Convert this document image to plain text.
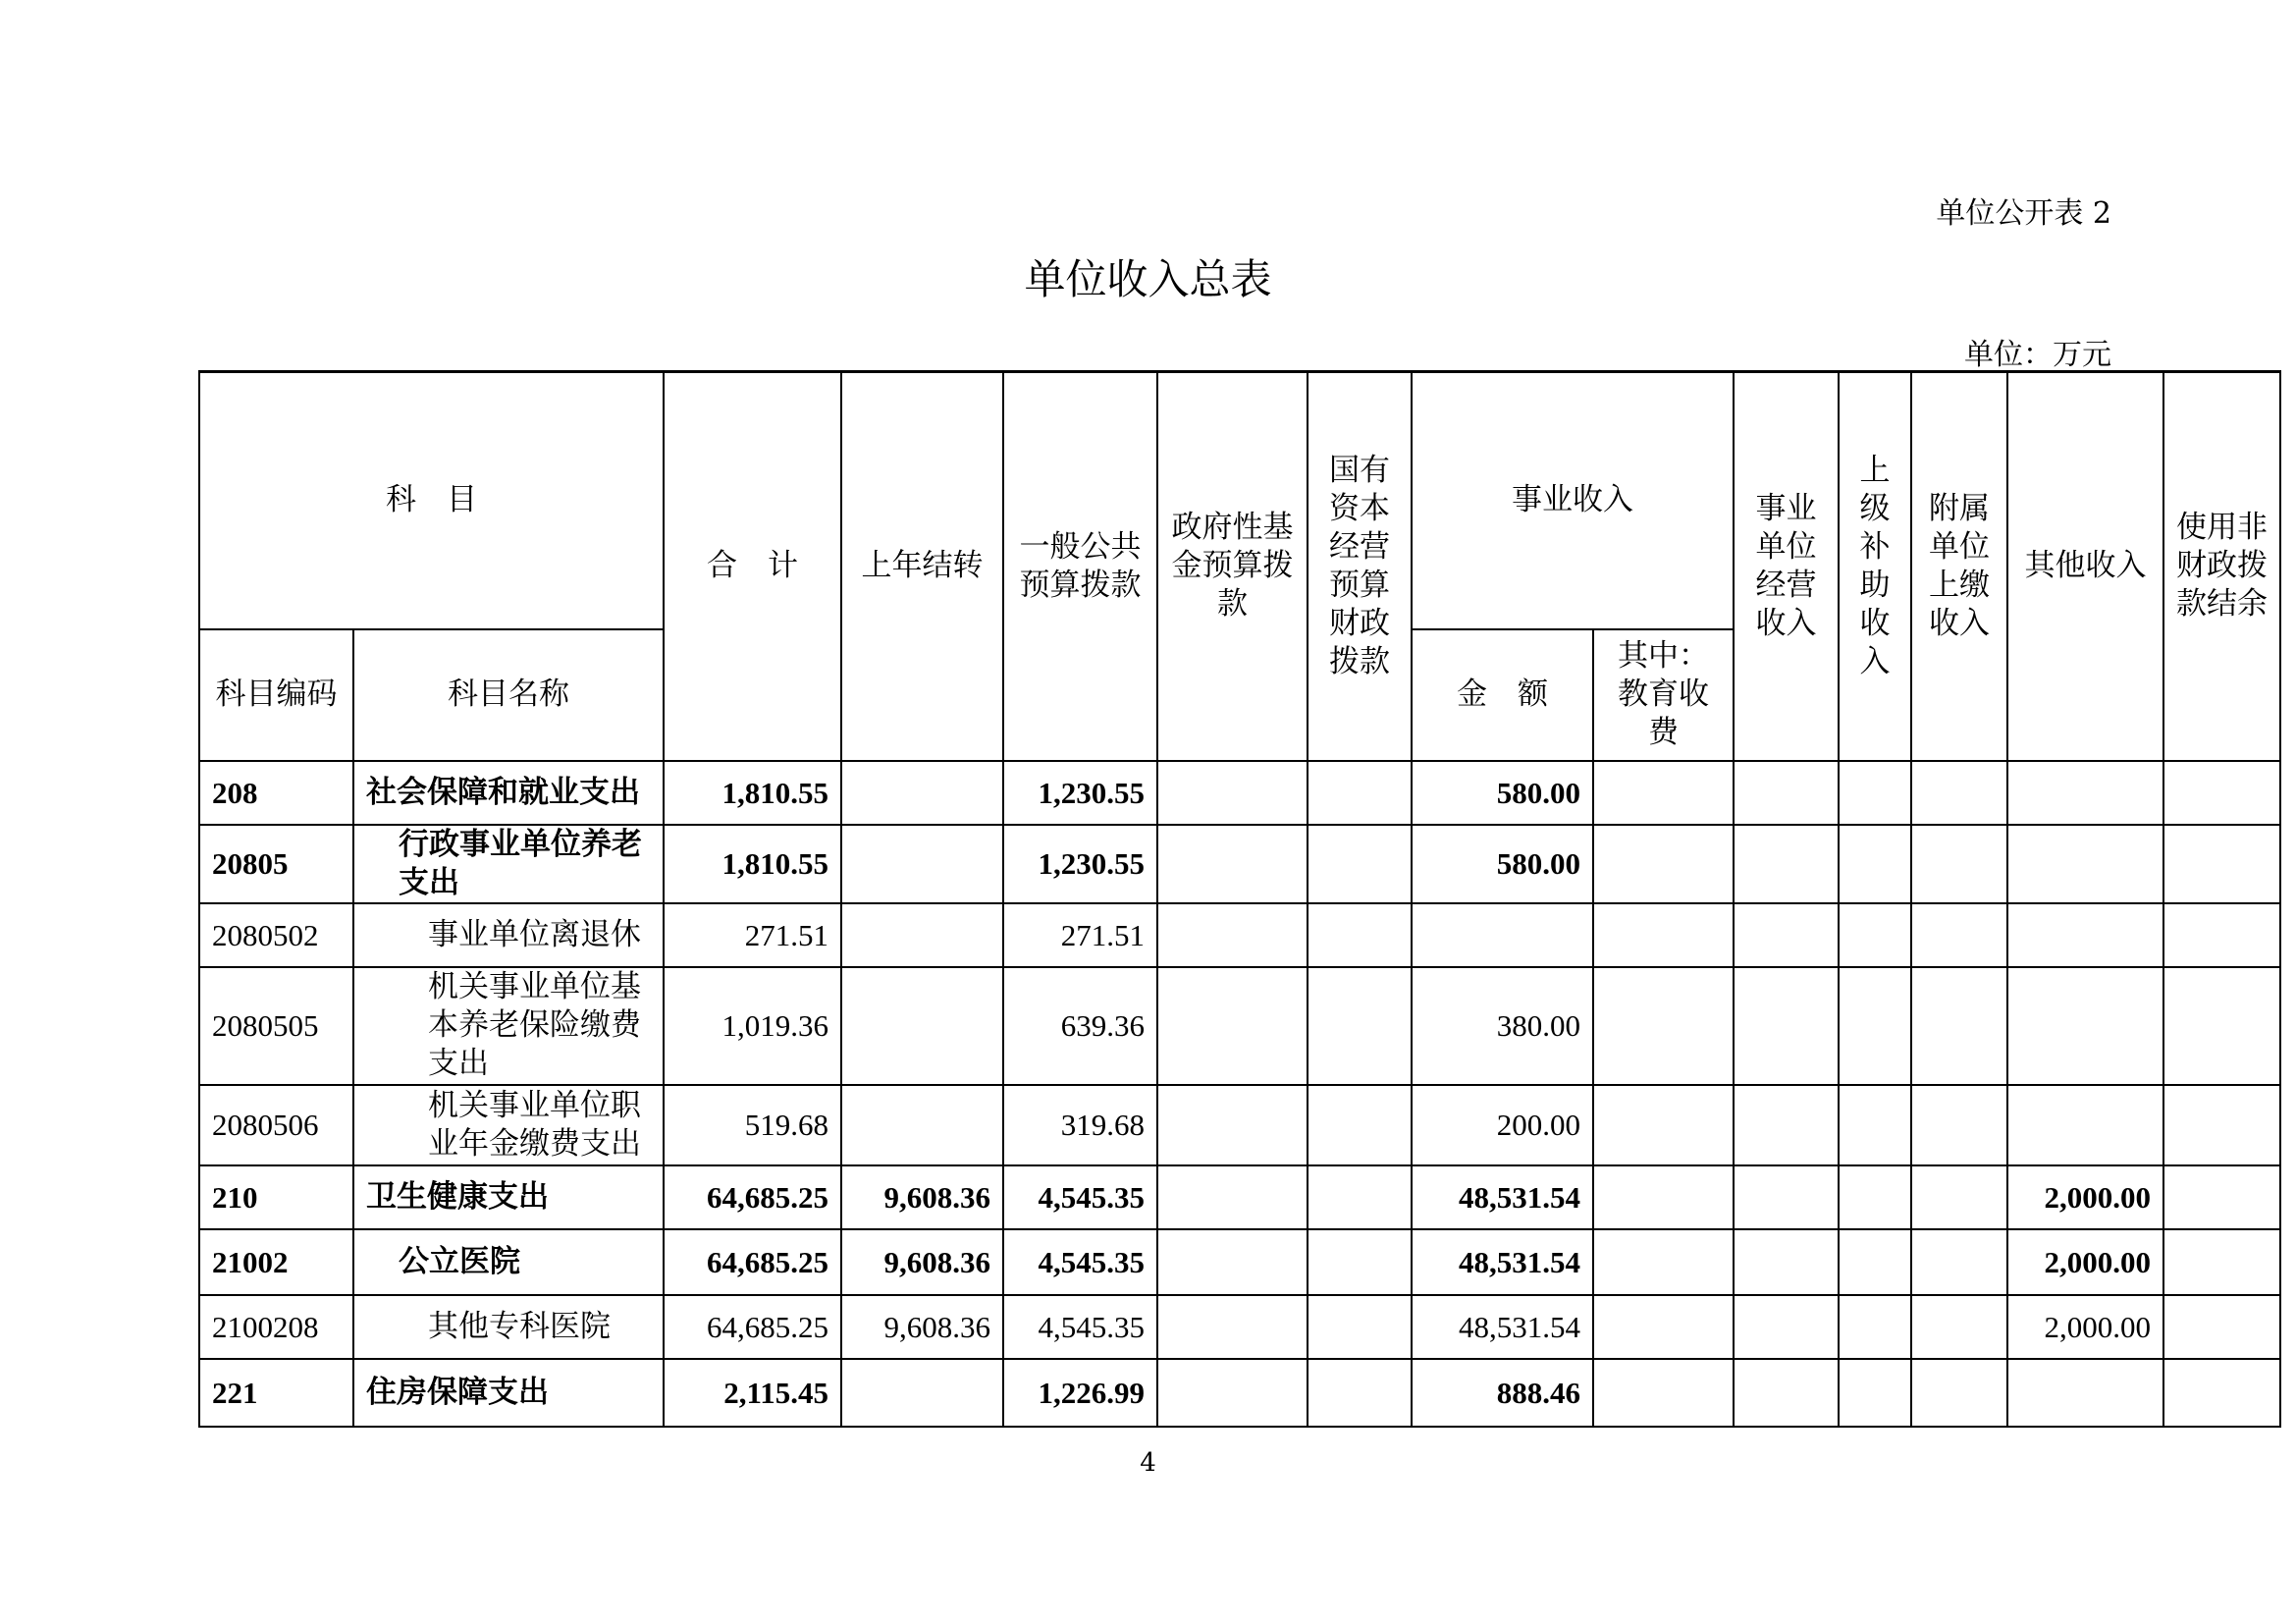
单位公开表 2
单位收入总表
单位：万元
科　目		合　计	上年结转	一般公共预算拨款	政府性基金预算拨款	国有资本经营预算财政拨款	事业收入		事业单位经营收入	上级补助收入	附属单位上缴收入	其他收入	使用非财政拨款结余
科目编码	科目名称						金　额	其中：教育收费					
208	社会保障和就业支出	1,810.55		1,230.55			580.00						
20805	行政事业单位养老支出	1,810.55		1,230.55			580.00						
2080502	事业单位离退休	271.51		271.51									
2080505	机关事业单位基本养老保险缴费支出	1,019.36		639.36			380.00						
2080506	机关事业单位职业年金缴费支出	519.68		319.68			200.00						
210	卫生健康支出	64,685.25	9,608.36	4,545.35			48,531.54					2,000.00	
21002	公立医院	64,685.25	9,608.36	4,545.35			48,531.54					2,000.00	
2100208	其他专科医院	64,685.25	9,608.36	4,545.35			48,531.54					2,000.00	
221	住房保障支出	2,115.45		1,226.99			888.46						
4
